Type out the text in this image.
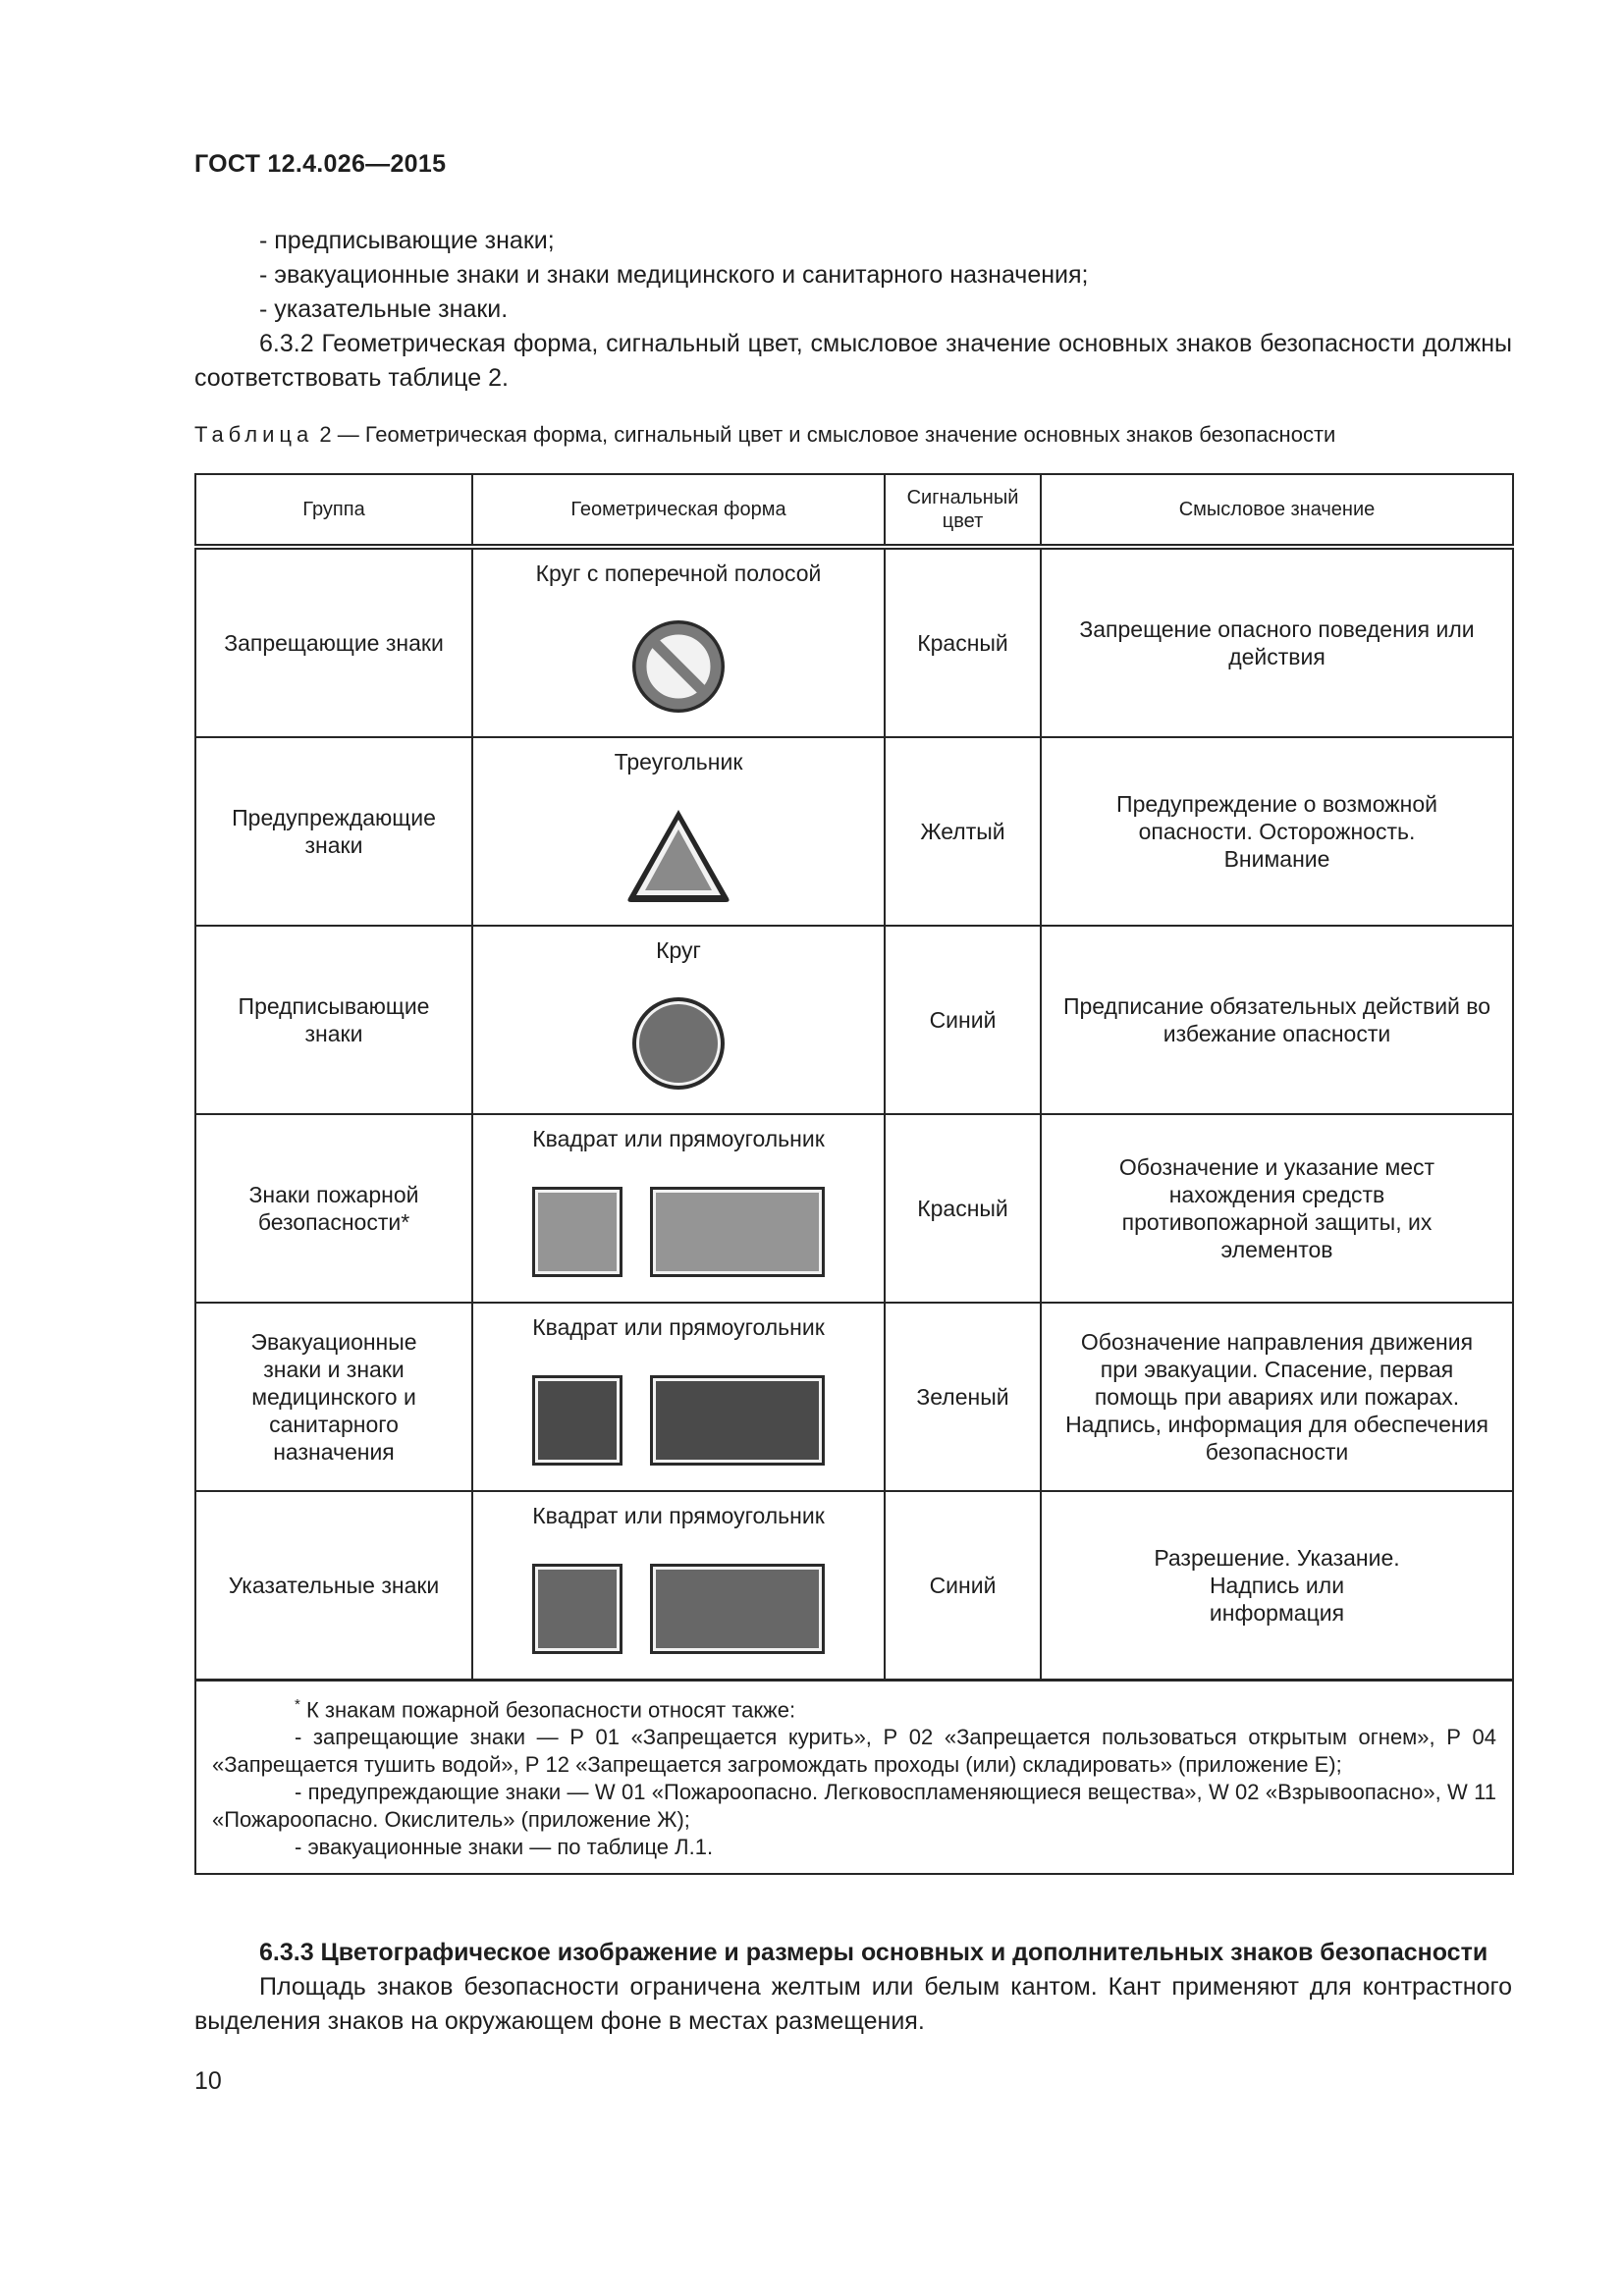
ГОСТ 12.4.026—2015
- предписывающие знаки;
- эвакуационные знаки и знаки медицинского и санитарного назначения;
- указательные знаки.
6.3.2 Геометрическая форма, сигнальный цвет, смысловое значение основных знаков безопасности должны соответствовать таблице 2.
Таблица 2 — Геометрическая форма, сигнальный цвет и смысловое значение основных знаков безопасности
Группа	Геометрическая форма	Сигнальный цвет	Смысловое значение
Запрещающие знаки	Круг с поперечной полосой	Красный	Запрещение опасного поведения или действия

Предупреждающие знаки	Треугольник	Желтый	Предупреждение о возможной опасности. Осторожность. Внимание

Предписывающие знаки	Круг	Синий	Предписание обязательных действий во избежание опасности

Знаки пожарной безопасности*	Квадрат или прямоугольник	Красный	Обозначение и указание мест нахождения средств противопожарной защиты, их элементов

Эвакуационные знаки и знаки медицинского и санитарного назначения	Квадрат или прямоугольник	Зеленый	Обозначение направления движения при эвакуации. Спасение, первая помощь при авариях или пожарах. Надпись, информация для обеспечения безопасности

Указательные знаки	Квадрат или прямоугольник	Синий	Разрешение. Указание. Надпись или информация

* К знакам пожарной безопасности относят также:
- запрещающие знаки — Р 01 «Запрещается курить», Р 02 «Запрещается пользоваться открытым огнем», Р 04 «Запрещается тушить водой», Р 12 «Запрещается загромождать проходы (или) складировать» (приложение Е);
- предупреждающие знаки — W 01 «Пожароопасно. Легковоспламеняющиеся вещества», W 02 «Взрывоопасно», W 11 «Пожароопасно. Окислитель» (приложение Ж);
- эвакуационные знаки — по таблице Л.1.			
6.3.3 Цветографическое изображение и размеры основных и дополнительных знаков безопасности
Площадь знаков безопасности ограничена желтым или белым кантом. Кант применяют для контрастного выделения знаков на окружающем фоне в местах размещения.
10
